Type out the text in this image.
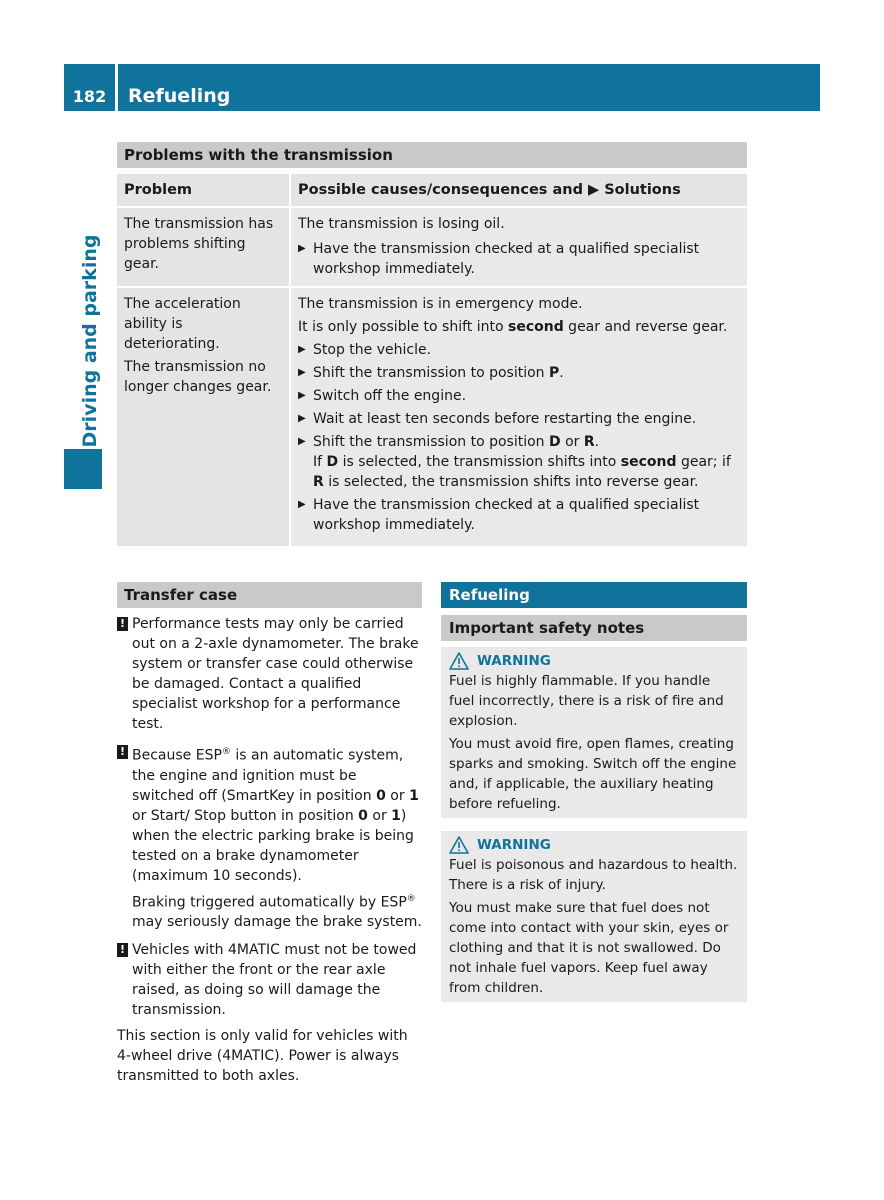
182	Refueling
Driving and parking
Problems with the transmission
Problem	Possible causes/consequences and ▶ Solutions

The transmission has problems shifting gear.

The transmission is losing oil.

▶ Have the transmission checked at a qualified specialist workshop immediately.

The acceleration ability is deteriorating.

The transmission no longer changes gear.

The transmission is in emergency mode.

It is only possible to shift into second gear and reverse gear.

▶ Stop the vehicle.
▶ Shift the transmission to position P.
▶ Switch off the engine.
▶ Wait at least ten seconds before restarting the engine.
▶ Shift the transmission to position D or R.
If D is selected, the transmission shifts into second gear; if R is selected, the transmission shifts into reverse gear.
▶ Have the transmission checked at a qualified specialist workshop immediately.
Transfer case
! Performance tests may only be carried out on a 2-axle dynamometer. The brake system or transfer case could otherwise be damaged. Contact a qualified specialist workshop for a performance test.
! Because ESP® is an automatic system, the engine and ignition must be switched off (SmartKey in position 0 or 1 or Start/ Stop button in position 0 or 1) when the electric parking brake is being tested on a brake dynamometer (maximum 10 seconds).

Braking triggered automatically by ESP® may seriously damage the brake system.

! Vehicles with 4MATIC must not be towed with either the front or the rear axle raised, as doing so will damage the transmission.

This section is only valid for vehicles with 4-wheel drive (4MATIC). Power is always transmitted to both axles.

Refueling
Important safety notes
WARNING

Fuel is highly flammable. If you handle fuel incorrectly, there is a risk of fire and explosion.

You must avoid fire, open flames, creating sparks and smoking. Switch off the engine and, if applicable, the auxiliary heating before refueling.

WARNING

Fuel is poisonous and hazardous to health. There is a risk of injury.

You must make sure that fuel does not come into contact with your skin, eyes or clothing and that it is not swallowed. Do not inhale fuel vapors. Keep fuel away from children.
